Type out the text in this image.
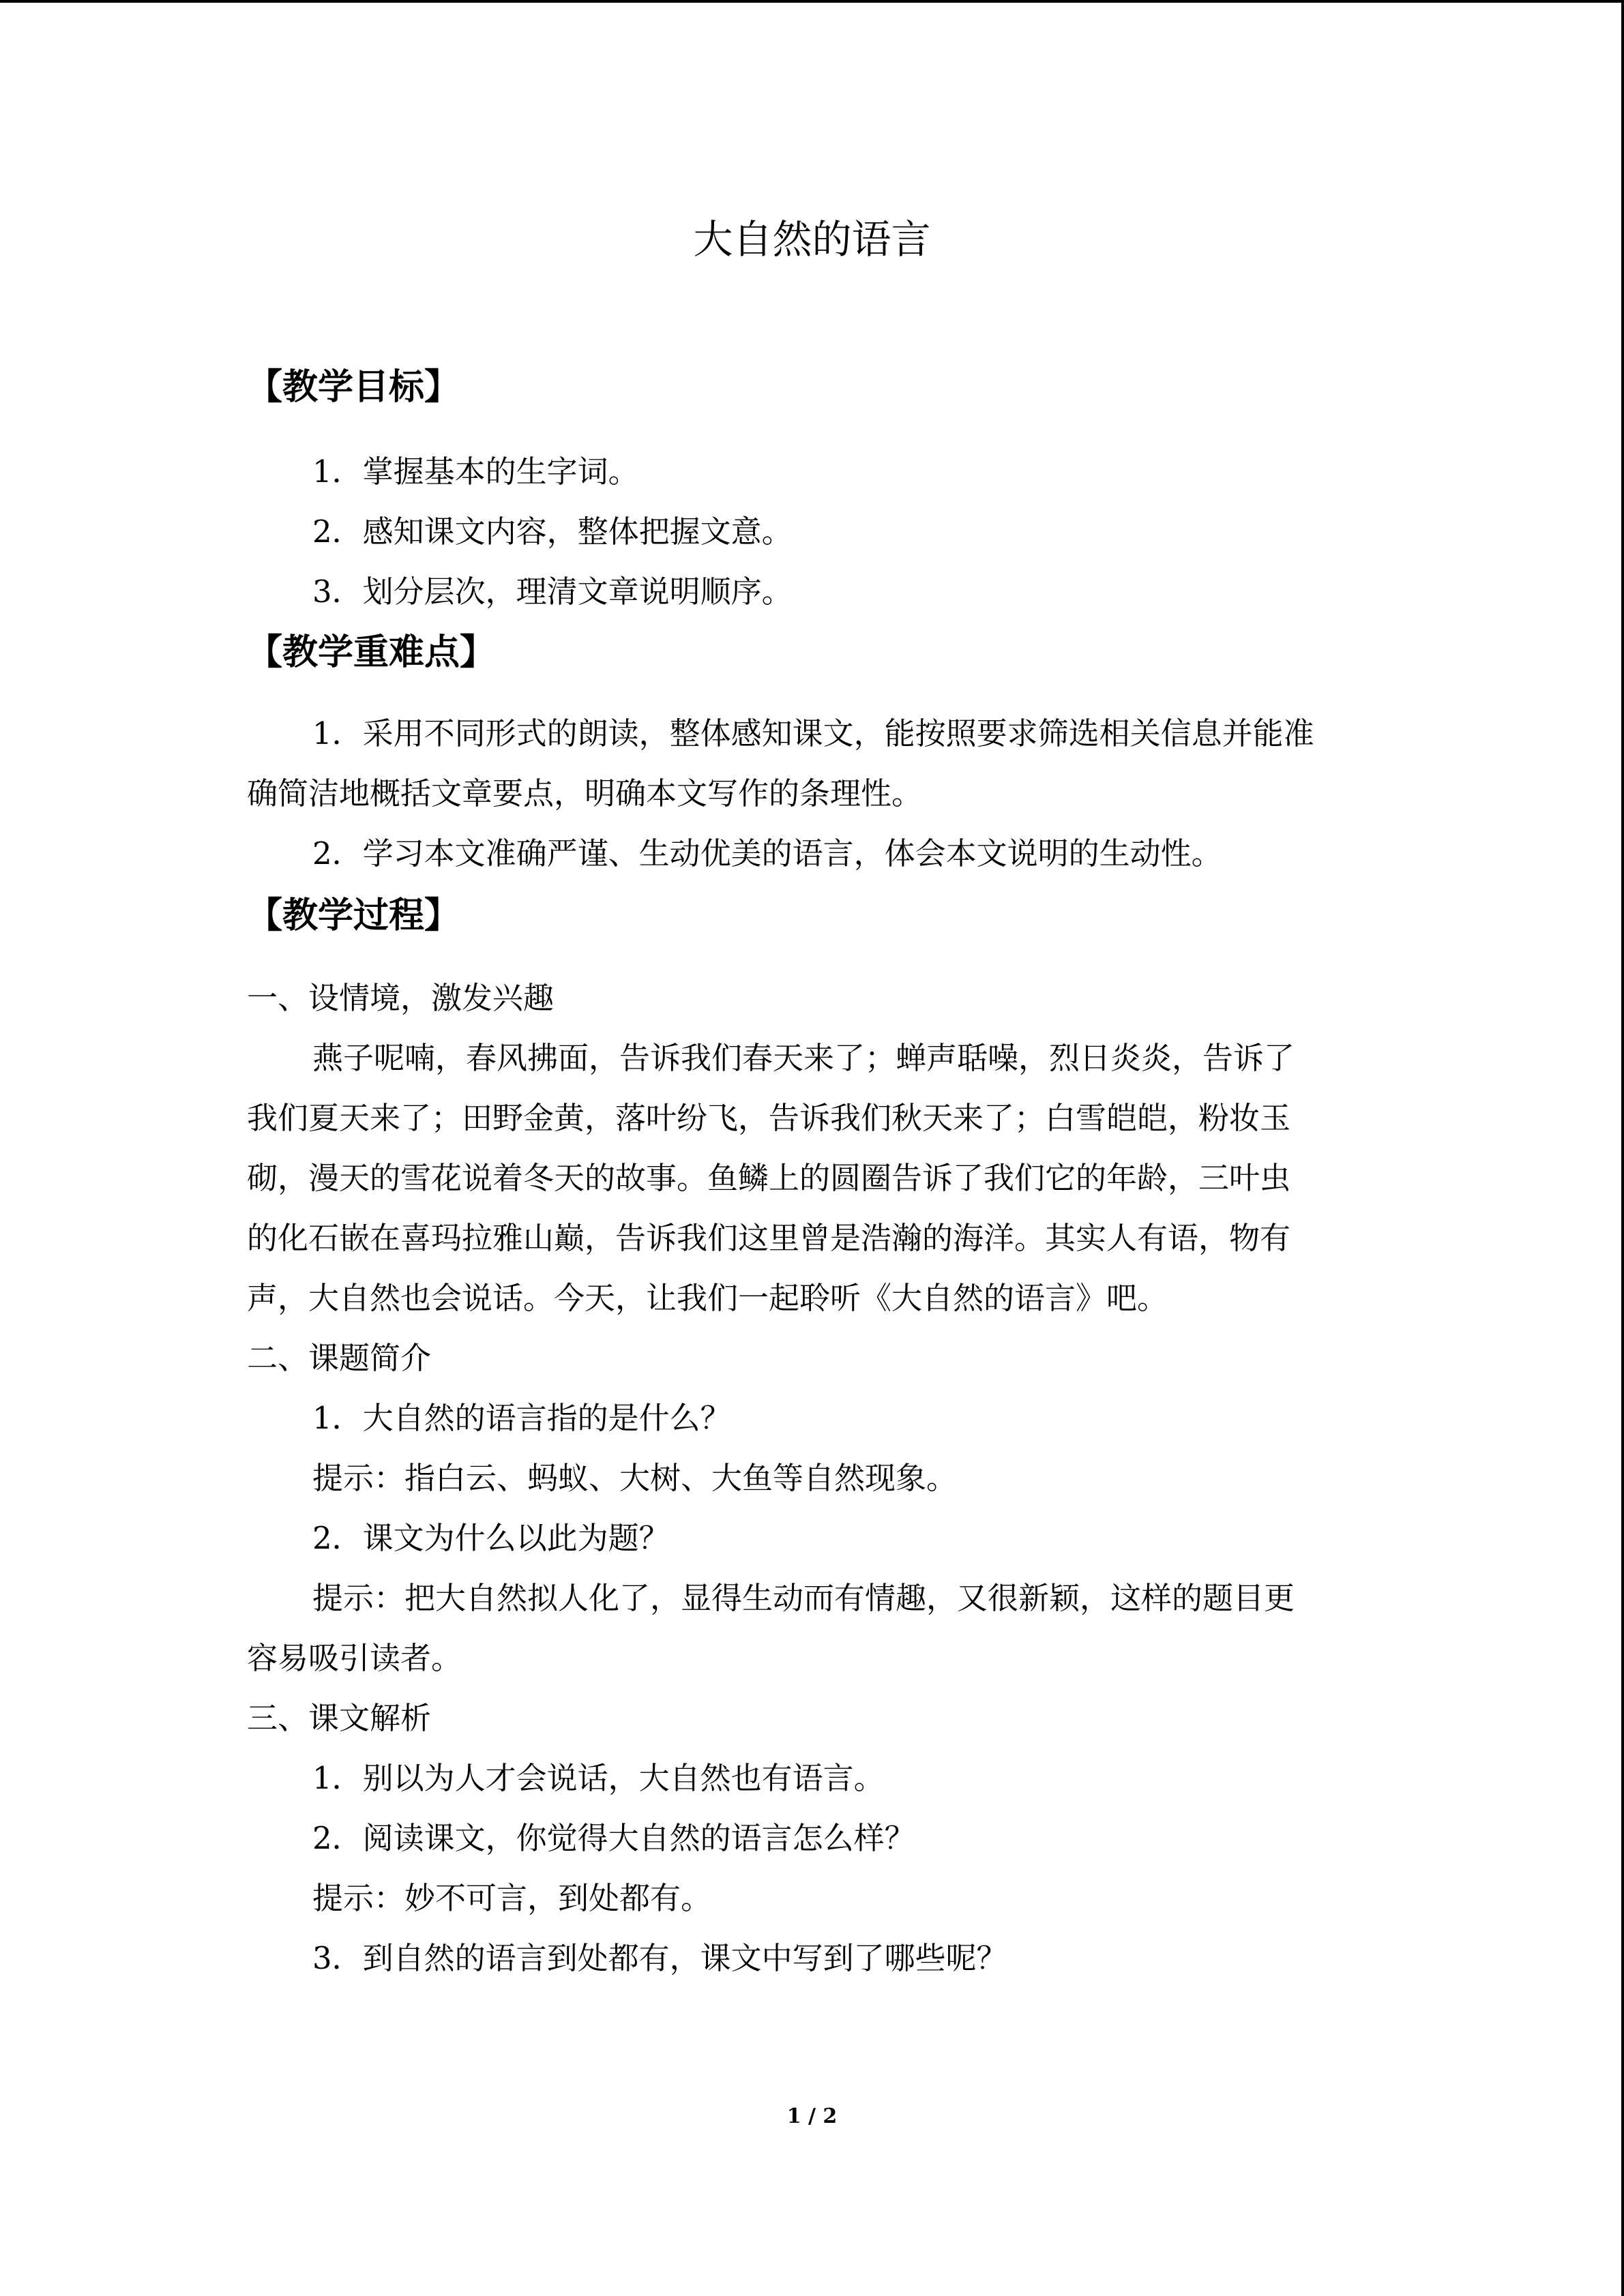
大自然的语言
【教学目标】
1．掌握基本的生字词。
2．感知课文内容，整体把握文意。
3．划分层次，理清文章说明顺序。
【教学重难点】
1．采用不同形式的朗读，整体感知课文，能按照要求筛选相关信息并能准
确简洁地概括文章要点，明确本文写作的条理性。
2．学习本文准确严谨、生动优美的语言，体会本文说明的生动性。
【教学过程】
一、设情境，激发兴趣
燕子呢喃，春风拂面，告诉我们春天来了；蝉声聒噪，烈日炎炎，告诉了
我们夏天来了；田野金黄，落叶纷飞，告诉我们秋天来了；白雪皑皑，粉妆玉
砌，漫天的雪花说着冬天的故事。鱼鳞上的圆圈告诉了我们它的年龄，三叶虫
的化石嵌在喜玛拉雅山巅，告诉我们这里曾是浩瀚的海洋。其实人有语，物有
声，大自然也会说话。今天，让我们一起聆听《大自然的语言》吧。
二、课题简介
1．大自然的语言指的是什么？
提示：指白云、蚂蚁、大树、大鱼等自然现象。
2．课文为什么以此为题？
提示：把大自然拟人化了，显得生动而有情趣，又很新颖，这样的题目更
容易吸引读者。
三、课文解析
1．别以为人才会说话，大自然也有语言。
2．阅读课文，你觉得大自然的语言怎么样？
提示：妙不可言，到处都有。
3．到自然的语言到处都有，课文中写到了哪些呢？
1 / 2
